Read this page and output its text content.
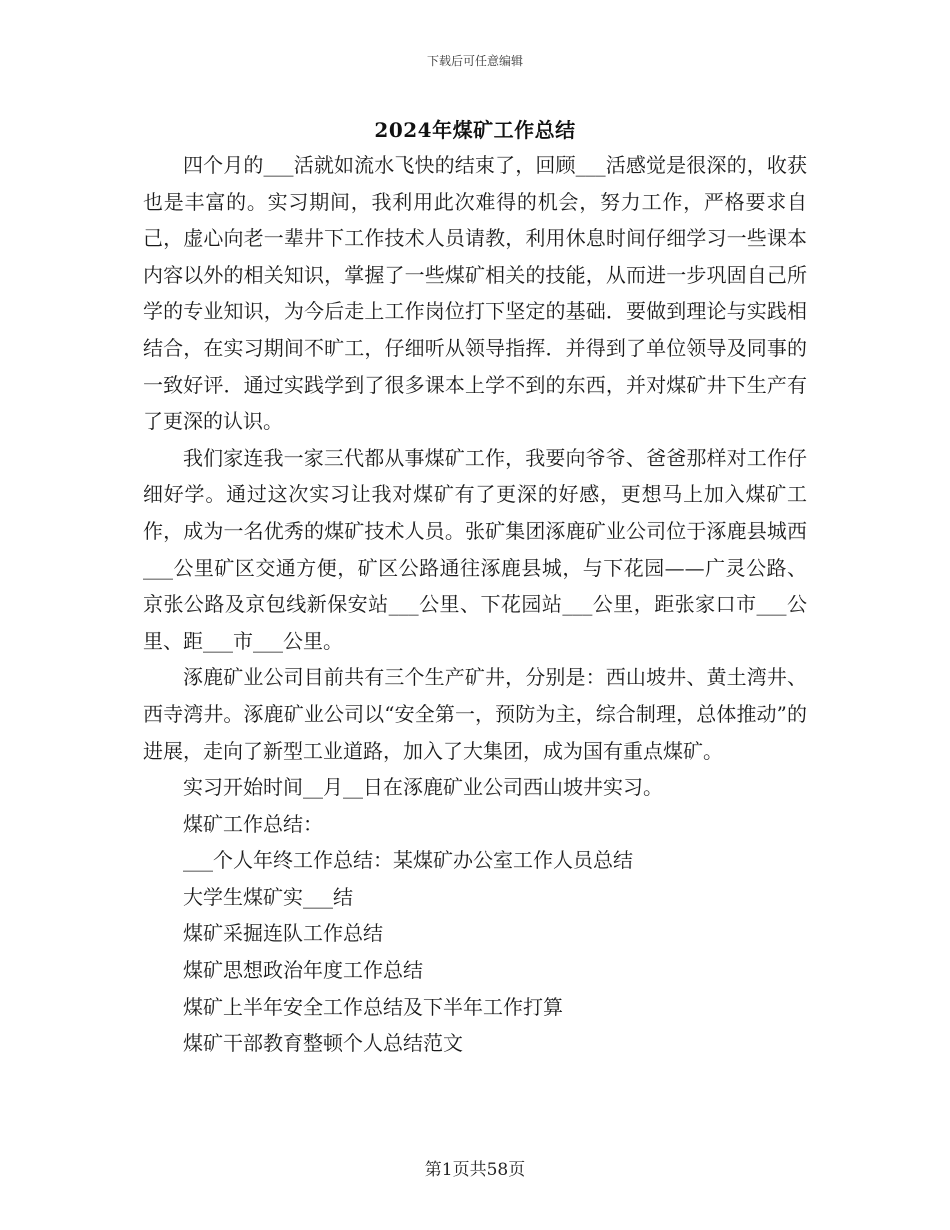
下载后可任意编辑
2024年煤矿工作总结

四个月的___活就如流水飞快的结束了，回顾___活感觉是很深的，收获也是丰富的。实习期间，我利用此次难得的机会，努力工作，严格要求自己，虚心向老一辈井下工作技术人员请教，利用休息时间仔细学习一些课本内容以外的相关知识，掌握了一些煤矿相关的技能，从而进一步巩固自己所学的专业知识，为今后走上工作岗位打下坚定的基础．要做到理论与实践相结合，在实习期间不旷工，仔细听从领导指挥．并得到了单位领导及同事的一致好评．通过实践学到了很多课本上学不到的东西，并对煤矿井下生产有了更深的认识。

我们家连我一家三代都从事煤矿工作，我要向爷爷、爸爸那样对工作仔细好学。通过这次实习让我对煤矿有了更深的好感，更想马上加入煤矿工作，成为一名优秀的煤矿技术人员。张矿集团涿鹿矿业公司位于涿鹿县城西___公里矿区交通方便，矿区公路通往涿鹿县城，与下花园——广灵公路、京张公路及京包线新保安站___公里、下花园站___公里，距张家口市___公里、距___市___公里。

涿鹿矿业公司目前共有三个生产矿井，分别是：西山坡井、黄土湾井、西寺湾井。涿鹿矿业公司以“安全第一，预防为主，综合制理，总体推动”的进展，走向了新型工业道路，加入了大集团，成为国有重点煤矿。

实习开始时间__月__日在涿鹿矿业公司西山坡井实习。

煤矿工作总结：

___个人年终工作总结：某煤矿办公室工作人员总结

大学生煤矿实___结

煤矿采掘连队工作总结

煤矿思想政治年度工作总结

煤矿上半年安全工作总结及下半年工作打算

煤矿干部教育整顿个人总结范文

第1页共58页
